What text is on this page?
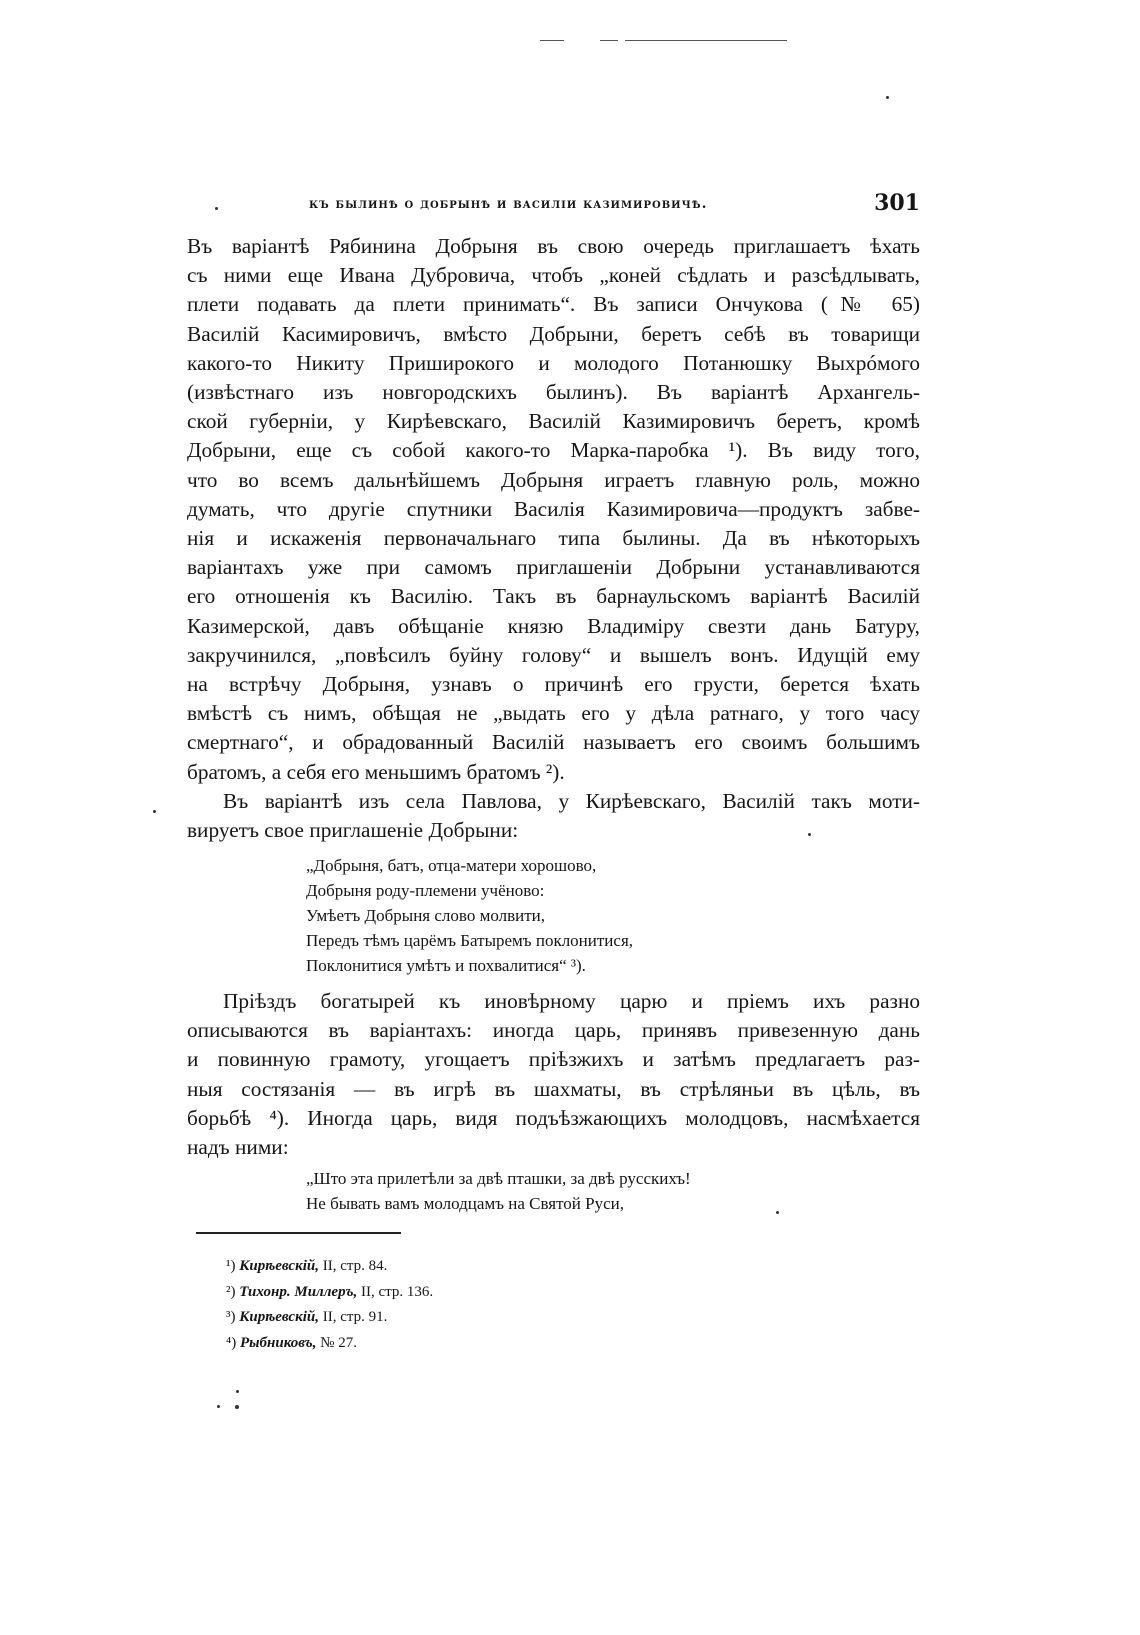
къ былинѣ о добрынѣ и василіи казимировичѣ.	301
Въ варіантѣ Рябинина Добрыня въ свою очередь приглашаетъ ѣхать
съ ними еще Ивана Дубровича, чтобъ „коней сѣдлать и разсѣдлывать,
плети подавать да плети принимать“. Въ записи Ончукова (№ 65)
Василій Касимировичъ, вмѣсто Добрыни, беретъ себѣ въ товарищи
какого-то Никиту Приширокого и молодого Потанюшку Выхрóмого
(извѣстнаго изъ новгородскихъ былинъ). Въ варіантѣ Архангель-
ской губерніи, у Кирѣевскаго, Василій Казимировичъ беретъ, кромѣ
Добрыни, еще съ собой какого-то Марка-паробка ¹). Въ виду того,
что во всемъ дальнѣйшемъ Добрыня играетъ главную роль, можно
думать, что другіе спутники Василія Казимировича—продуктъ забве-
нія и искаженія первоначальнаго типа былины. Да въ нѣкоторыхъ
варіантахъ уже при самомъ приглашеніи Добрыни устанавливаются
его отношенія къ Василію. Такъ въ барнаульскомъ варіантѣ Василій
Казимерской, давъ обѣщаніе князю Владиміру свезти дань Батуру,
закручинился, „повѣсилъ буйну голову“ и вышелъ вонъ. Идущій ему
на встрѣчу Добрыня, узнавъ о причинѣ его грусти, берется ѣхать
вмѣстѣ съ нимъ, обѣщая не „выдать его у дѣла ратнаго, у того часу
смертнаго“, и обрадованный Василій называетъ его своимъ большимъ
братомъ, а себя его меньшимъ братомъ ²).
Въ варіантѣ изъ села Павлова, у Кирѣевскаго, Василій такъ моти-
вируетъ свое приглашеніе Добрыни:
„Добрыня, батъ, отца-матери хорошово,
Добрыня роду-племени учёново:
Умѣетъ Добрыня слово молвити,
Передъ тѣмъ царёмъ Батыремъ поклонитися,
Поклонитися умѣтъ и похвалитися“ ³).
Пріѣздъ богатырей къ иновѣрному царю и пріемъ ихъ разно
описываются въ варіантахъ: иногда царь, принявъ привезенную дань
и повинную грамоту, угощаетъ пріѣзжихъ и затѣмъ предлагаетъ раз-
ныя состязанія — въ игрѣ въ шахматы, въ стрѣляньи въ цѣль, въ
борьбѣ ⁴). Иногда царь, видя подъѣзжающихъ молодцовъ, насмѣхается
надъ ними:
„Што эта прилетѣли за двѣ пташки, за двѣ русскихъ!
Не бывать вамъ молодцамъ на Святой Руси,
¹) Кирѣевскій, II, стр. 84.
²) Тихонр. Миллеръ, II, стр. 136.
³) Кирѣевскій, II, стр. 91.
⁴) Рыбниковъ, № 27.
